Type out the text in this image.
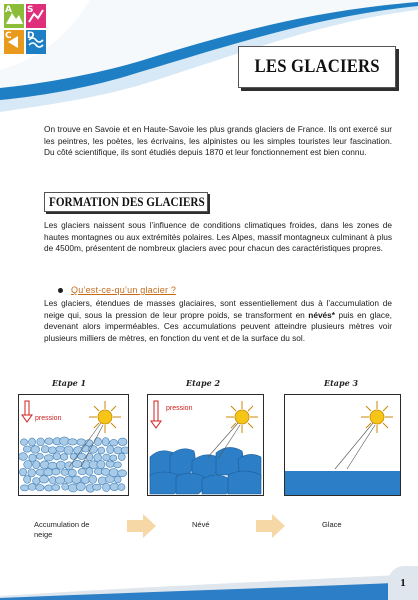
A S
C D
LES GLACIERS

On trouve en Savoie et en Haute-Savoie les plus grands glaciers de France. Ils ont exercé sur les peintres, les poètes, les écrivains, les alpinistes ou les simples touristes leur fascination. Du côté scientifique, ils sont étudiés depuis 1870 et leur fonctionnement est bien connu.

FORMATION DES GLACIERS

Les glaciers naissent sous l’influence de conditions climatiques froides, dans les zones de hautes montagnes ou aux extrémités polaires. Les Alpes, massif montagneux culminant à plus de 4500m, présentent de nombreux glaciers avec pour chacun des caractéristiques propres.

Qu’est-ce-qu’un glacier ?

Les glaciers, étendues de masses glaciaires, sont essentiellement dus à l’accumulation de neige qui, sous la pression de leur propre poids, se transforment en névés* puis en glace, devenant alors imperméables. Ces accumulations peuvent atteindre plusieurs mètres voir plusieurs milliers de mètres, en fonction du vent et de la surface du sol.

Etape 1	Etape 2	Etape 3
pression
pression
Accumulation de neige
Névé	Glace
1
